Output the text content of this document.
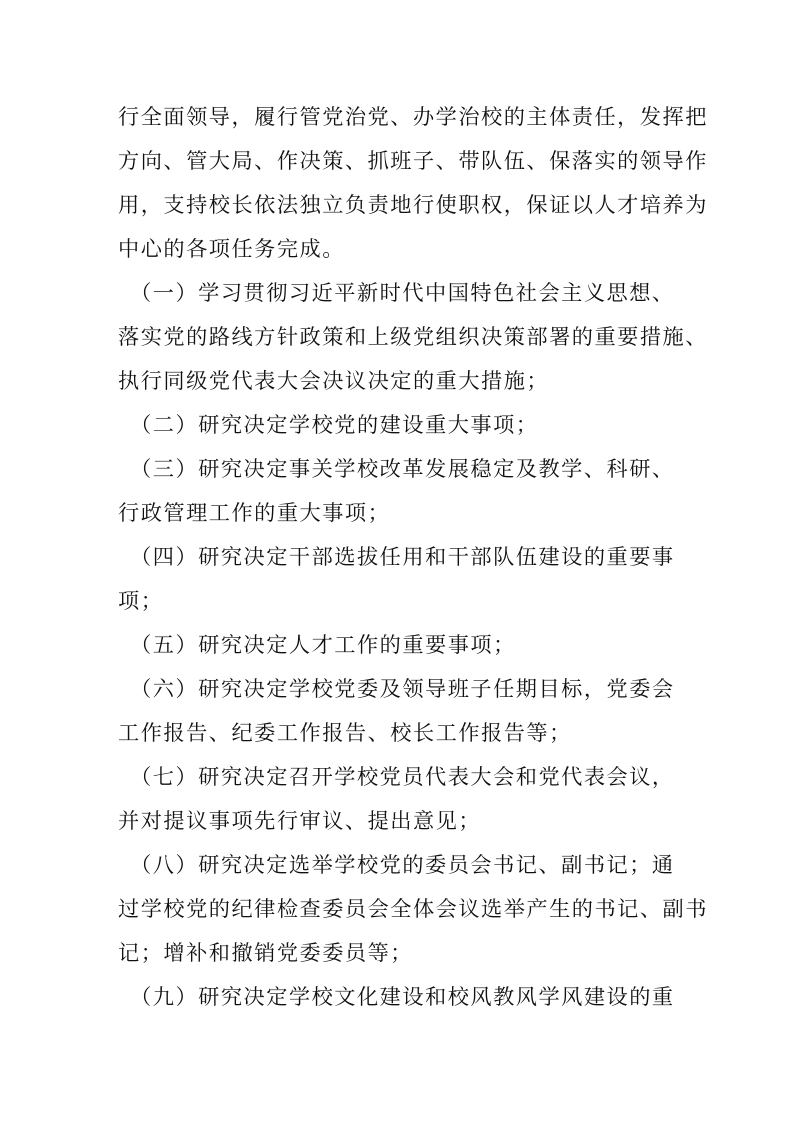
行全面领导，履行管党治党、办学治校的主体责任，发挥把
方向、管大局、作决策、抓班子、带队伍、保落实的领导作
用，支持校长依法独立负责地行使职权，保证以人才培养为
中心的各项任务完成。
　（一）学习贯彻习近平新时代中国特色社会主义思想、
落实党的路线方针政策和上级党组织决策部署的重要措施、
执行同级党代表大会决议决定的重大措施；
　（二）研究决定学校党的建设重大事项；
　（三）研究决定事关学校改革发展稳定及教学、科研、
行政管理工作的重大事项；
　（四）研究决定干部选拔任用和干部队伍建设的重要事
项；
　（五）研究决定人才工作的重要事项；
　（六）研究决定学校党委及领导班子任期目标，党委会
工作报告、纪委工作报告、校长工作报告等；
　（七）研究决定召开学校党员代表大会和党代表会议，
并对提议事项先行审议、提出意见；
　（八）研究决定选举学校党的委员会书记、副书记；通
过学校党的纪律检查委员会全体会议选举产生的书记、副书
记；增补和撤销党委委员等；
　（九）研究决定学校文化建设和校风教风学风建设的重
